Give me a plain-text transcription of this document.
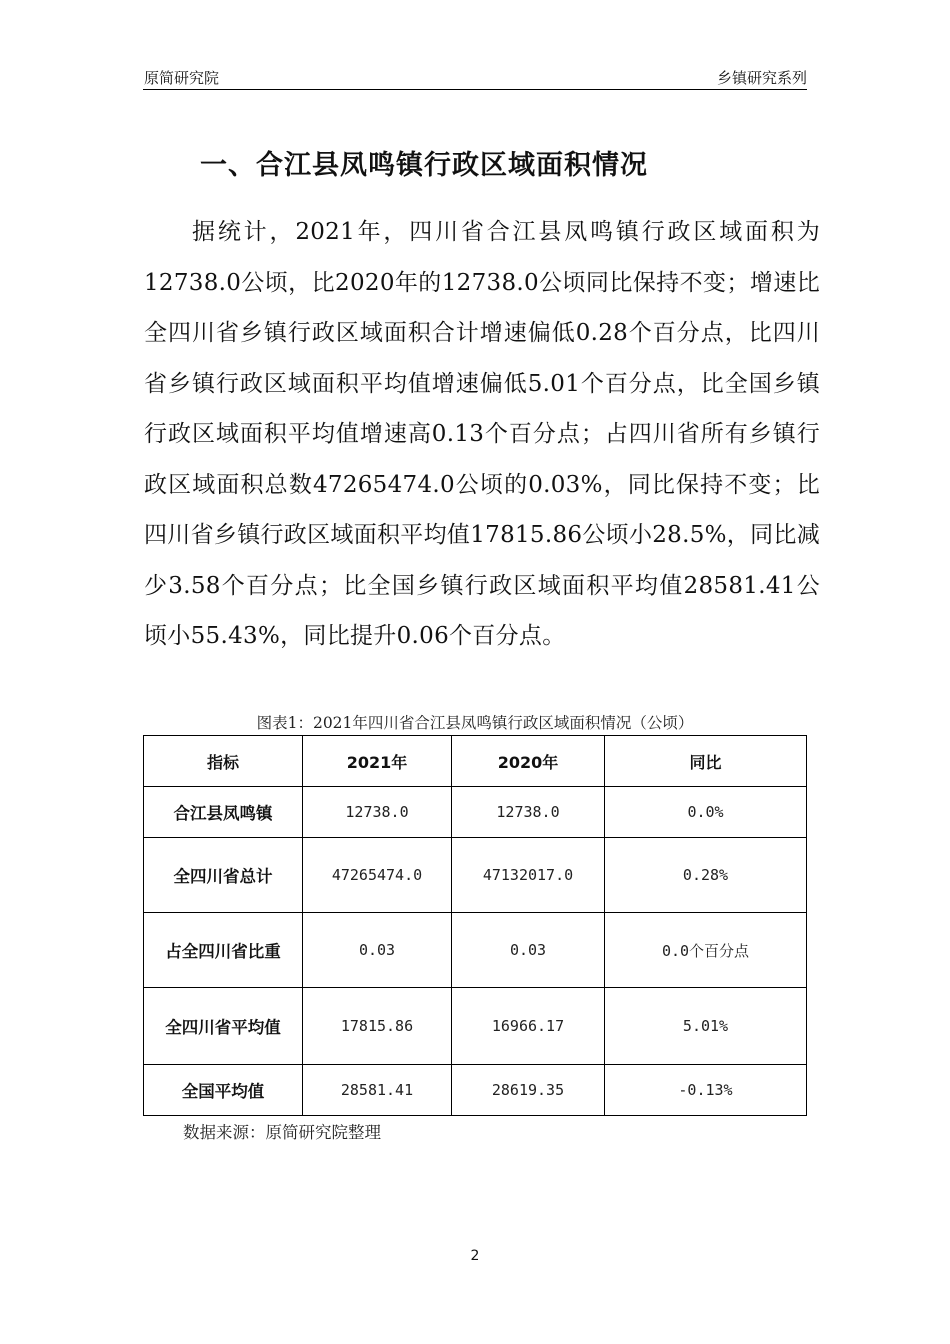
原简研究院	乡镇研究系列
一、合江县凤鸣镇行政区域面积情况
据统计，2021年，四川省合江县凤鸣镇行政区域面积为12738.0公顷，比2020年的12738.0公顷同比保持不变；增速比全四川省乡镇行政区域面积合计增速偏低0.28个百分点，比四川省乡镇行政区域面积平均值增速偏低5.01个百分点，比全国乡镇行政区域面积平均值增速高0.13个百分点；占四川省所有乡镇行政区域面积总数47265474.0公顷的0.03%，同比保持不变；比四川省乡镇行政区域面积平均值17815.86公顷小28.5%，同比减少3.58个百分点；比全国乡镇行政区域面积平均值28581.41公顷小55.43%，同比提升0.06个百分点。
图表1：2021年四川省合江县凤鸣镇行政区域面积情况（公顷）
指标	2021年	2020年	同比
合江县凤鸣镇	12738.0	12738.0	0.0%
全四川省总计	47265474.0	47132017.0	0.28%
占全四川省比重	0.03	0.03	0.0个百分点
全四川省平均值	17815.86	16966.17	5.01%
全国平均值	28581.41	28619.35	-0.13%
数据来源：原简研究院整理
2
